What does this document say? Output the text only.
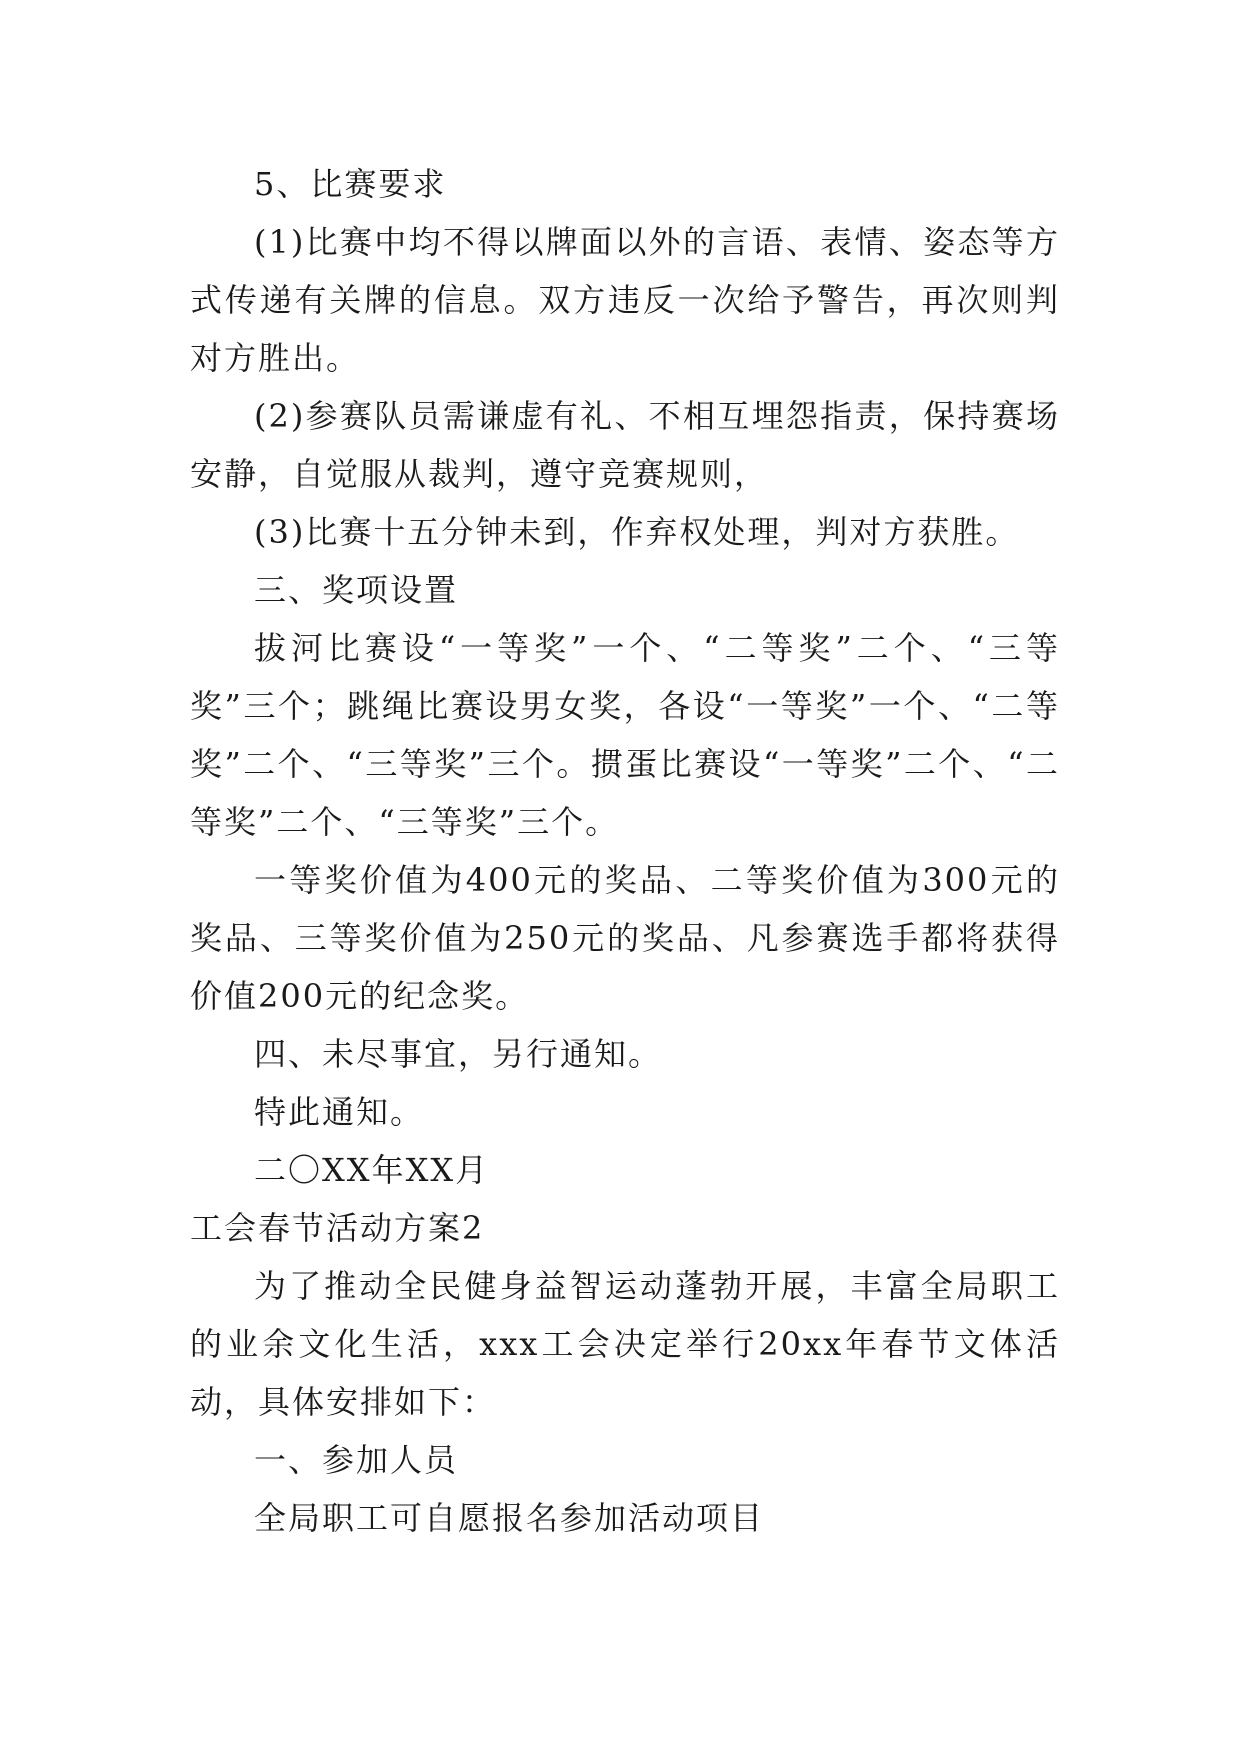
5、比赛要求

(1)比赛中均不得以牌面以外的言语、表情、姿态等方式传递有关牌的信息。双方违反一次给予警告，再次则判对方胜出。

(2)参赛队员需谦虚有礼、不相互埋怨指责，保持赛场安静，自觉服从裁判，遵守竞赛规则，

(3)比赛十五分钟未到，作弃权处理，判对方获胜。

三、奖项设置

拔河比赛设“一等奖”一个、“二等奖”二个、“三等奖”三个；跳绳比赛设男女奖，各设“一等奖”一个、“二等奖”二个、“三等奖”三个。掼蛋比赛设“一等奖”二个、“二等奖”二个、“三等奖”三个。

一等奖价值为400元的奖品、二等奖价值为300元的奖品、三等奖价值为250元的奖品、凡参赛选手都将获得价值200元的纪念奖。

四、未尽事宜，另行通知。

特此通知。

二〇XX年XX月

工会春节活动方案2

为了推动全民健身益智运动蓬勃开展，丰富全局职工的业余文化生活，xxx工会决定举行20xx年春节文体活动，具体安排如下：

一、参加人员

全局职工可自愿报名参加活动项目
